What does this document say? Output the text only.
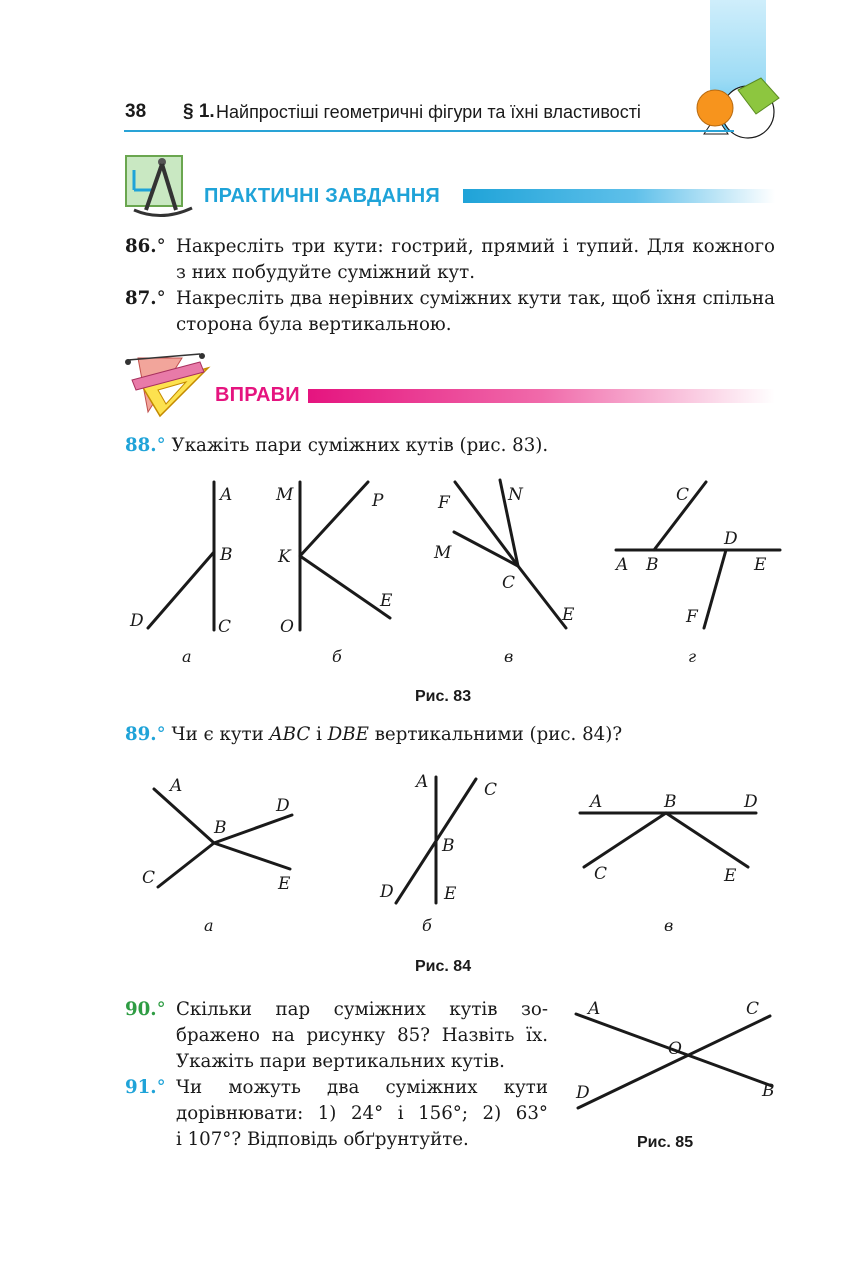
38 § 1. Найпростіші геометричні фігури та їхні властивості
ПРАКТИЧНІ ЗАВДАННЯ
86.° Накресліть три кути: гострий, прямий і тупий. Для кожного з них побудуйте суміжний кут.
87.° Накресліть два нерівних суміжних кути так, щоб їхня спільна сторона була вертикальною.
ВПРАВИ
88.° Укажіть пари суміжних кутів (рис. 83).
A
B
C
D
а
M	P
K
E
O
б
F	N
M
C
E
в
C
D
A B	E
F
г
Рис. 83
89.° Чи є кути ABC і DBE вертикальними (рис. 84)?
A
D
B
C	E
а
A	C
B
D	E
б
A	B	D
C	E
в
Рис. 84
90.° Скільки пар суміжних кутів зо-
бражено на рисунку 85? Назвіть їх.
Укажіть пари вертикальних кутів.
91.° Чи можуть два суміжних кути
дорівнювати: 1) 24° і 156°; 2) 63°
і 107°? Відповідь обґрунтуйте.
A	C
O
D	B
Рис. 85
